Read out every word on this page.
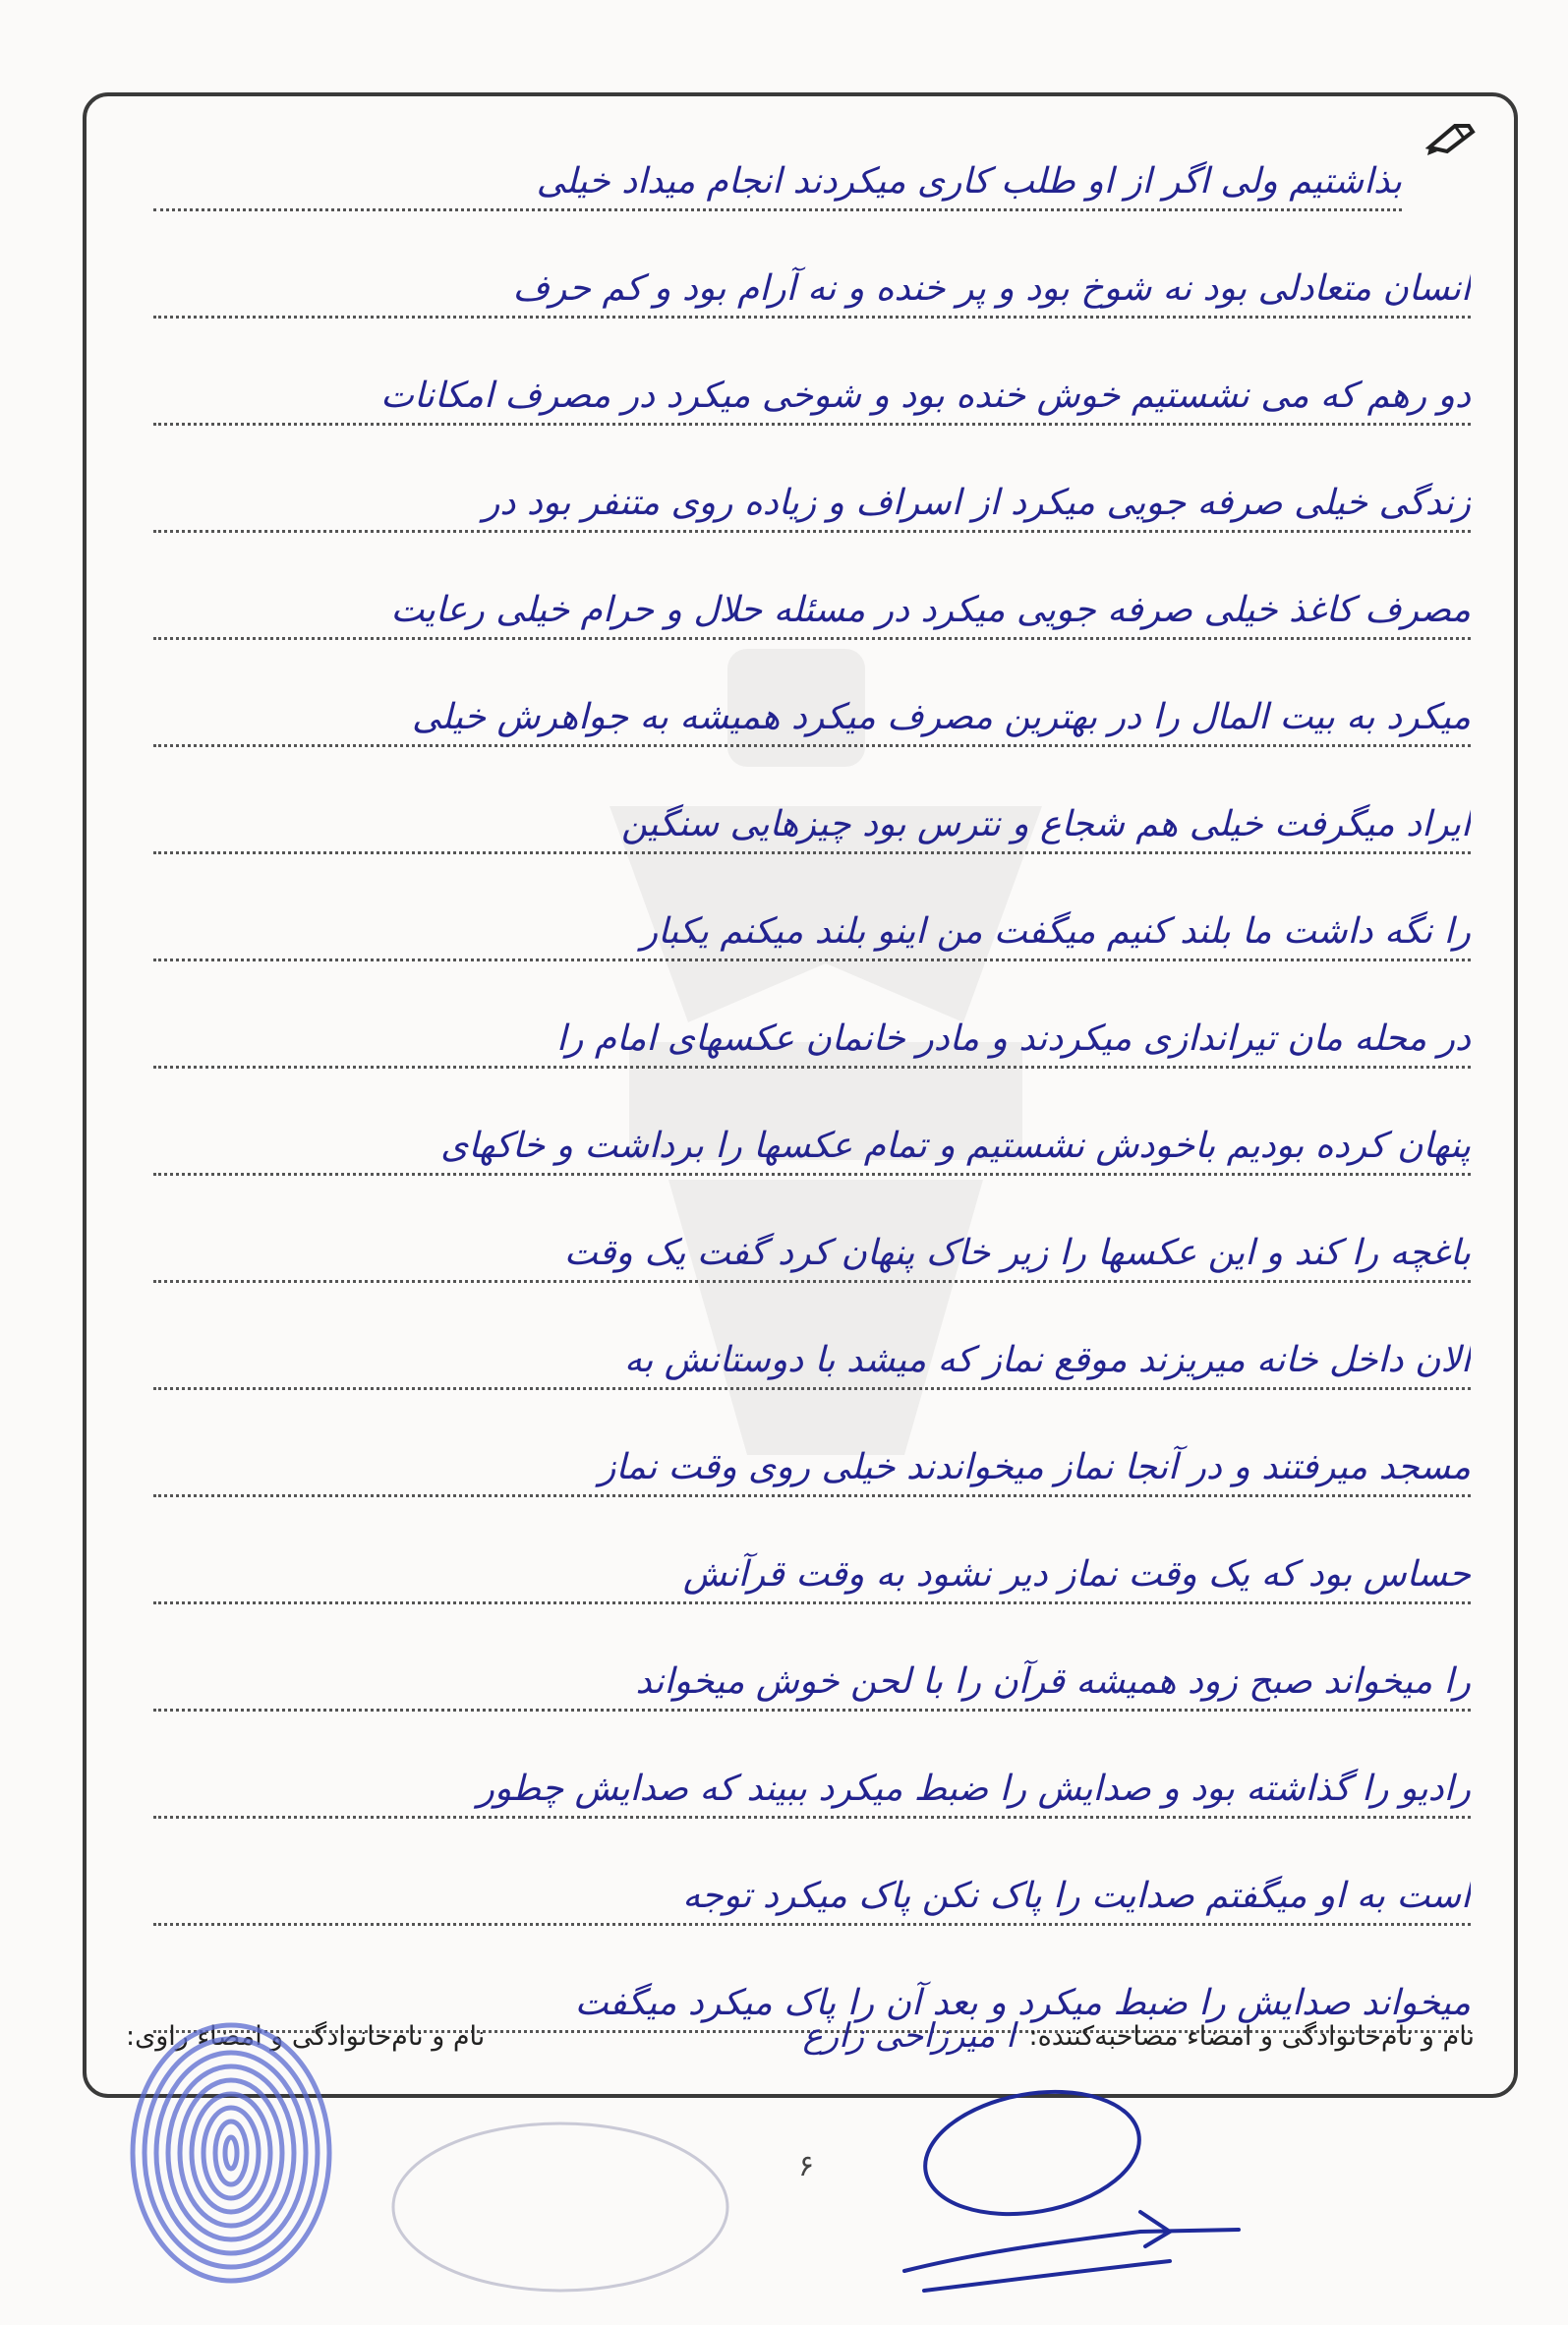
بذاشتیم ولی اگر از او طلب کاری میکردند انجام میداد خیلی
انسان متعادلی بود نه شوخ بود و پر خنده و نه آرام بود و کم حرف
دو رهم که می نشستیم خوش خنده بود و شوخی میکرد در مصرف امکانات
زندگی خیلی صرفه جویی میکرد از اسراف و زیاده روی متنفر بود در
مصرف کاغذ خیلی صرفه جویی میکرد در مسئله حلال و حرام خیلی رعایت
میکرد به بیت المال را در بهترین مصرف میکرد همیشه به جواهرش خیلی
ایراد میگرفت خیلی هم شجاع و نترس بود چیزهایی سنگین
را نگه داشت ما بلند کنیم میگفت من اینو بلند میکنم یکبار
در محله مان تیراندازی میکردند و مادر خانمان عکسهای امام را
پنهان کرده بودیم باخودش نشستیم و تمام عکسها را برداشت و خاکهای
باغچه را کند و این عکسها را زیر خاک پنهان کرد گفت یک وقت
الان داخل خانه میریزند موقع نماز که میشد با دوستانش به
مسجد میرفتند و در آنجا نماز میخواندند خیلی روی وقت نماز
حساس بود که یک وقت نماز دیر نشود به وقت قرآنش
را میخواند صبح زود همیشه قرآن را با لحن خوش میخواند
رادیو را گذاشته بود و صدایش را ضبط میکرد ببیند که صدایش چطور
است به او میگفتم صدایت را پاک نکن پاک میکرد توجه
میخواند صدایش را ضبط میکرد و بعد آن را پاک میکرد میگفت
نام و نام‌خانوادگی و امضاء مصاحبه‌کننده:
ا میرزاحی زارع
نام و نام‌خانوادگی و امضاء راوی:
۶
